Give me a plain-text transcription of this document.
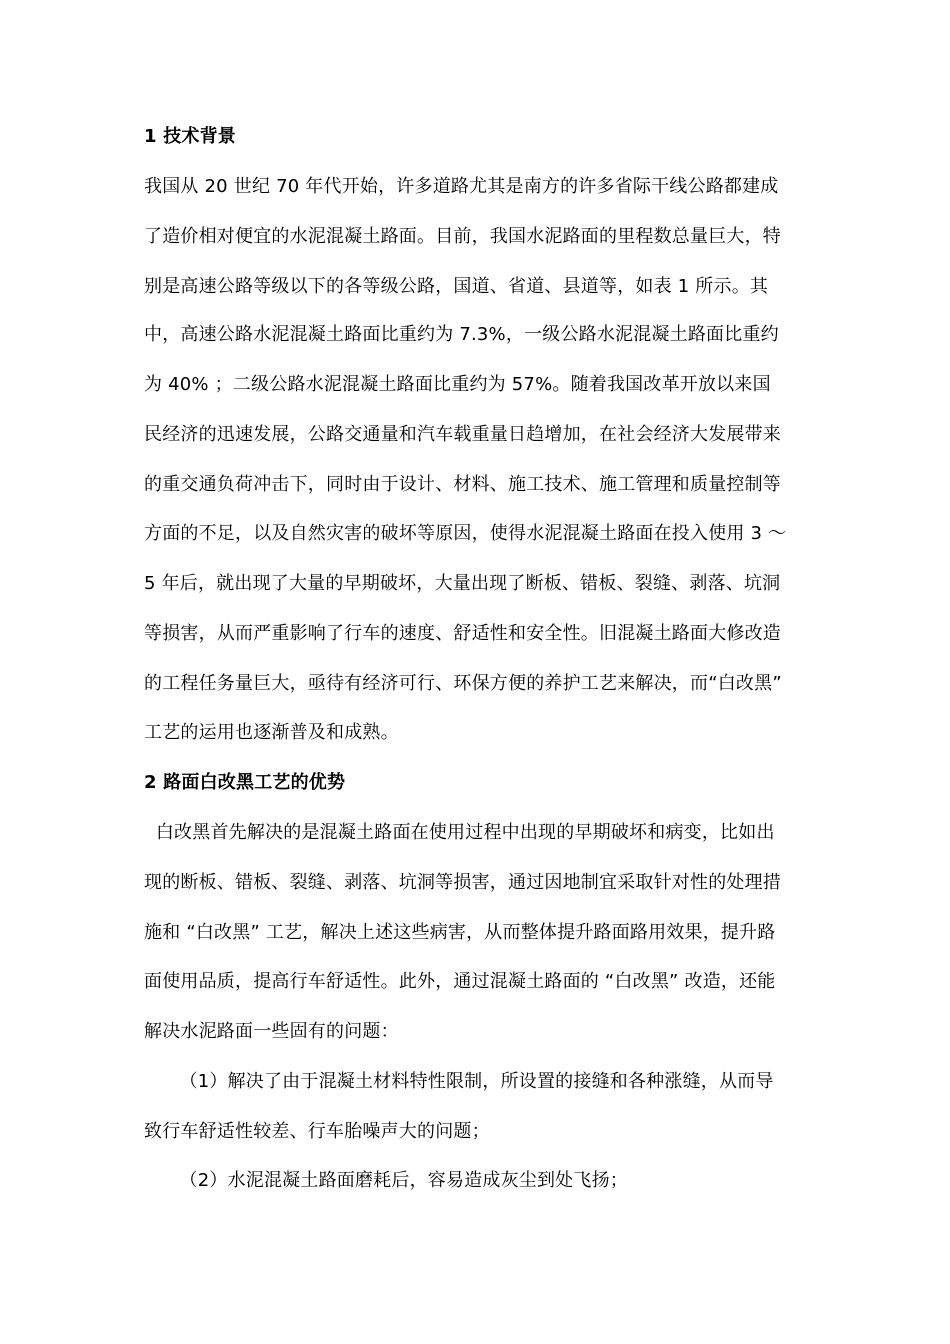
1 技术背景
我国从 20 世纪 70 年代开始，许多道路尤其是南方的许多省际干线公路都建成
了造价相对便宜的水泥混凝土路面。目前，我国水泥路面的里程数总量巨大，特
别是高速公路等级以下的各等级公路，国道、省道、县道等，如表 1 所示。其
中，高速公路水泥混凝土路面比重约为 7.3%，一级公路水泥混凝土路面比重约
为 40% ；二级公路水泥混凝土路面比重约为 57%。随着我国改革开放以来国
民经济的迅速发展，公路交通量和汽车载重量日趋增加，在社会经济大发展带来
的重交通负荷冲击下，同时由于设计、材料、施工技术、施工管理和质量控制等
方面的不足，以及自然灾害的破坏等原因，使得水泥混凝土路面在投入使用 3 ～
5 年后，就出现了大量的早期破坏，大量出现了断板、错板、裂缝、剥落、坑洞
等损害，从而严重影响了行车的速度、舒适性和安全性。旧混凝土路面大修改造
的工程任务量巨大，亟待有经济可行、环保方便的养护工艺来解决，而“白改黑”
工艺的运用也逐渐普及和成熟。
2 路面白改黑工艺的优势
白改黑首先解决的是混凝土路面在使用过程中出现的早期破坏和病变，比如出
现的断板、错板、裂缝、剥落、坑洞等损害，通过因地制宜采取针对性的处理措
施和 “白改黑” 工艺，解决上述这些病害，从而整体提升路面路用效果，提升路
面使用品质，提高行车舒适性。此外，通过混凝土路面的 “白改黑” 改造，还能
解决水泥路面一些固有的问题：
（1）解决了由于混凝土材料特性限制，所设置的接缝和各种涨缝，从而导
致行车舒适性较差、行车胎噪声大的问题；
（2）水泥混凝土路面磨耗后，容易造成灰尘到处飞扬；
